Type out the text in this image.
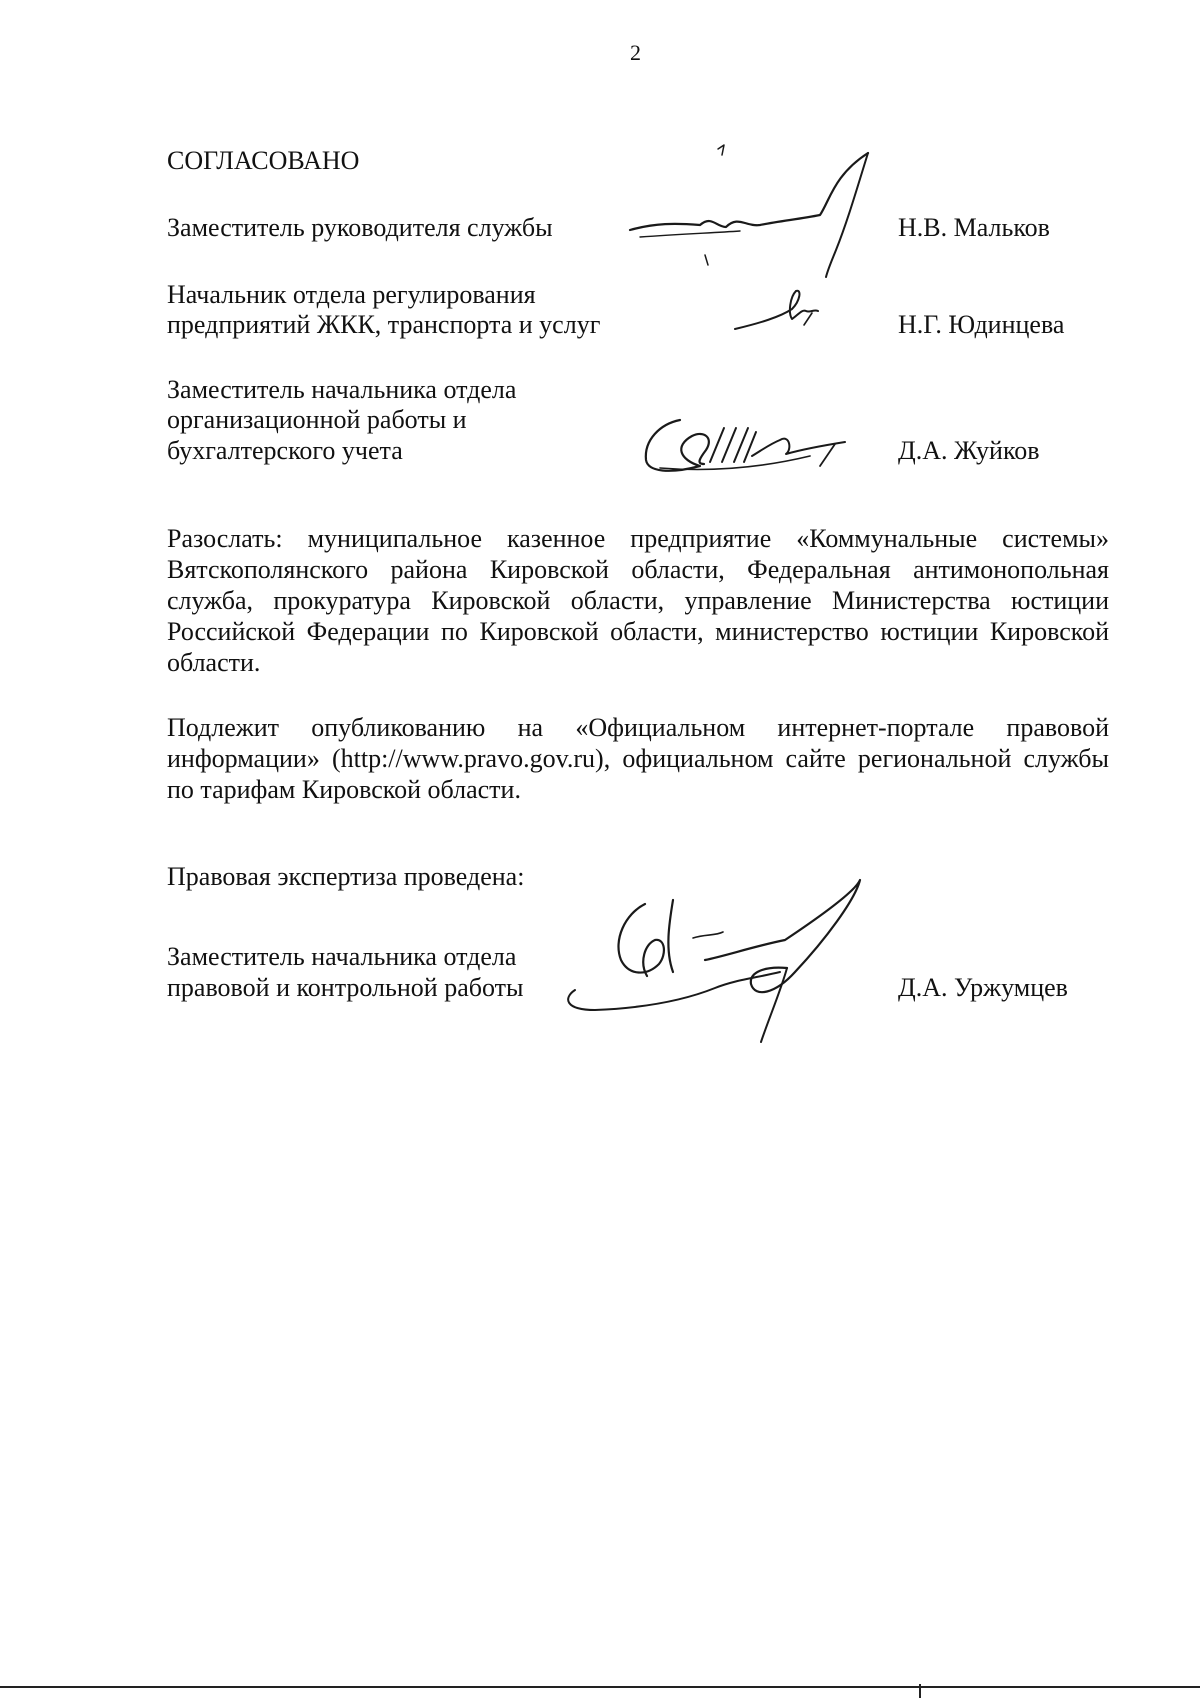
2
СОГЛАСОВАНО
Заместитель руководителя службы	Н.В. Мальков
Начальник отдела регулирования
предприятий ЖКК, транспорта и услуг	Н.Г. Юдинцева
Заместитель начальника отдела
организационной работы и
бухгалтерского учета	Д.А. Жуйков
Разослать: муниципальное казенное предприятие «Коммунальные системы» Вятскополянского района Кировской области, Федеральная антимонопольная служба, прокуратура Кировской области, управление Министерства юстиции Российской Федерации по Кировской области, министерство юстиции Кировской области.
Подлежит опубликованию на «Официальном интернет-портале правовой информации» (http://www.pravo.gov.ru), официальном сайте региональной службы по тарифам Кировской области.
Правовая экспертиза проведена:
Заместитель начальника отдела
правовой и контрольной работы	Д.А. Уржумцев
